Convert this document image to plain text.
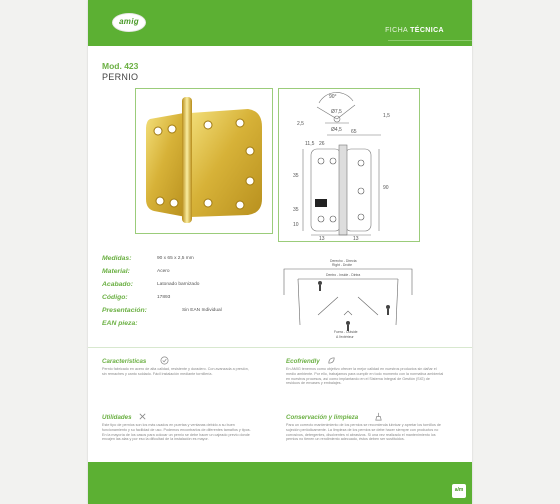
amig
FICHA TÉCNICA
Mod. 423
PERNIO
90°
1,5
2,5
Ø7,5
Ø4,5 65
11,5 26
35
90
35
10
13	13
Medidas:	90 x 65 x 2,5 mm
Material:	Acero
Acabado:	Latonado barnizado
Código:	17893
Presentación:	Sin EAN Individual
EAN pieza:
Derecho - Directa
Right - Droite
Dentro - Inside - Dintra
Fuera - Outside
A l'extérieur
Características
Pernio fabricado en acero de alta calidad, resistente y duradero. Con avanzada a presión, sin remaches y canto soldado. Fácil instalación mediante tornillería.
Ecofriendly
En AMIG tenemos como objetivo ofrecer la mejor calidad en nuestros productos sin dañar el medio ambiente. Por ello, trabajamos para cumplir en todo momento con la normativa ambiental en nuestros procesos, así como implantando en el Sistema Integral de Gestión (SIG) de residuos de envases y embalajes.
Utilidades
Este tipo de pernios son los más usados en puertas y ventanas debido a su buen funcionamiento y su facilidad de uso. Podemos encontrarlos de diferentes tamaños y tipos. En la mayoría de los casos para colocar un pernio se debe hacer un cajeado previo donde encajen las alas y por eso la dificultad de la instalación es mayor.
Conservación y limpieza
Para un correcto mantenimiento de los pernios se recomienda lubricar y apretar los tornillos de sujeción periódicamente. La limpieza de los pernios se debe hacer siempre con productos no corrosivos, detergentes, disolventes ni abrasivos. Si una vez realizado el mantenimiento los pernios no tienen un rendimiento adecuado, éstos deben ser sustituidos.
a/m
